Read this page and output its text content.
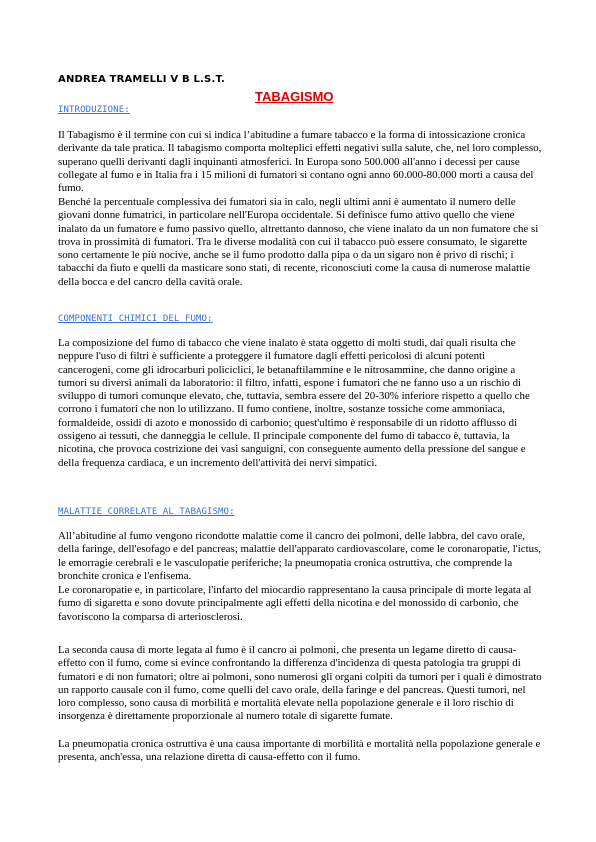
ANDREA TRAMELLI V B L.S.T.
TABAGISMO
INTRODUZIONE:

Il Tabagismo è il termine con cui si indica l’abitudine a fumare tabacco e la forma di intossicazione cronica derivante da tale pratica. Il tabagismo comporta molteplici effetti negativi sulla salute, che, nel loro complesso, superano quelli derivanti dagli inquinanti atmosferici. In Europa sono 500.000 all'anno i decessi per cause collegate al fumo e in Italia fra i 15 milioni di fumatori si contano ogni anno 60.000-80.000 morti a causa del fumo.

Benché la percentuale complessiva dei fumatori sia in calo, negli ultimi anni è aumentato il numero delle giovani donne fumatrici, in particolare nell'Europa occidentale. Si definisce fumo attivo quello che viene inalato da un fumatore e fumo passivo quello, altrettanto dannoso, che viene inalato da un non fumatore che si trova in prossimità di fumatori. Tra le diverse modalità con cui il tabacco può essere consumato, le sigarette sono certamente le più nocive, anche se il fumo prodotto dalla pipa o da un sigaro non è privo di rischi; i tabacchi da fiuto e quelli da masticare sono stati, di recente, riconosciuti come la causa di numerose malattie della bocca e del cancro della cavità orale.

COMPONENTI CHIMICI DEL FUMO:

La composizione del fumo di tabacco che viene inalato è stata oggetto di molti studi, dai quali risulta che neppure l'uso di filtri è sufficiente a proteggere il fumatore dagli effetti pericolosi di alcuni potenti cancerogeni, come gli idrocarburi policiclici, le betanaftilammine e le nitrosammine, che danno origine a tumori su diversi animali da laboratorio: il filtro, infatti, espone i fumatori che ne fanno uso a un rischio di sviluppo di tumori comunque elevato, che, tuttavia, sembra essere del 20-30% inferiore rispetto a quello che corrono i fumatori che non lo utilizzano. Il fumo contiene, inoltre, sostanze tossiche come ammoniaca, formaldeide, ossidi di azoto e monossido di carbonio; quest'ultimo è responsabile di un ridotto afflusso di ossigeno ai tessuti, che danneggia le cellule. Il principale componente del fumo di tabacco è, tuttavia, la nicotina, che provoca costrizione dei vasi sanguigni, con conseguente aumento della pressione del sangue e della frequenza cardiaca, e un incremento dell'attività dei nervi simpatici.

MALATTIE CORRELATE AL TABAGISMO:

All’abitudine al fumo vengono ricondotte malattie come il cancro dei polmoni, delle labbra, del cavo orale, della faringe, dell'esofago e del pancreas; malattie dell'apparato cardiovascolare, come le coronaropatie, l'ictus, le emorragie cerebrali e le vasculopatie periferiche; la pneumopatia cronica ostruttiva, che comprende la bronchite cronica e l'enfisema.

Le coronaropatie e, in particolare, l'infarto del miocardio rappresentano la causa principale di morte legata al fumo di sigaretta e sono dovute principalmente agli effetti della nicotina e del monossido di carbonio, che favoriscono la comparsa di arteriosclerosi.

La seconda causa di morte legata al fumo è il cancro ai polmoni, che presenta un legame diretto di causa-effetto con il fumo, come si evince confrontando la differenza d'incidenza di questa patologia tra gruppi di fumatori e di non fumatori; oltre ai polmoni, sono numerosi gli organi colpiti da tumori per i quali è dimostrato un rapporto causale con il fumo, come quelli del cavo orale, della faringe e del pancreas. Questi tumori, nel loro complesso, sono causa di morbilità e mortalità elevate nella popolazione generale e il loro rischio di insorgenza è direttamente proporzionale al numero totale di sigarette fumate.

La pneumopatia cronica ostruttiva è una causa importante di morbilità e mortalità nella popolazione generale e presenta, anch'essa, una relazione diretta di causa-effetto con il fumo.
